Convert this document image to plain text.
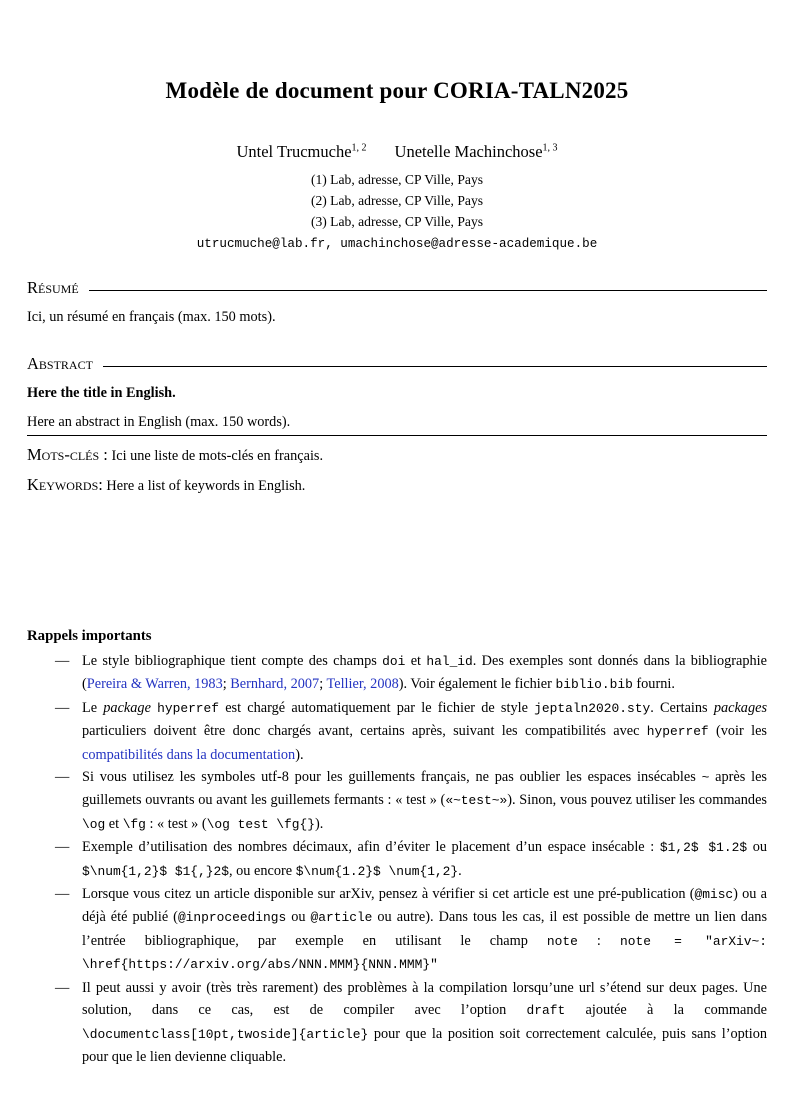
Modèle de document pour CORIA-TALN2025
Untel Trucmuche$^{1, 2}$ Unetelle Machinchose$^{1, 3}$
(1) Lab, adresse, CP Ville, Pays
(2) Lab, adresse, CP Ville, Pays
(3) Lab, adresse, CP Ville, Pays
utrucmuche@lab.fr, umachinchose@adresse-academique.be
Résumé

Ici, un résumé en français (max. 150 mots).

Abstract

Here the title in English.

Here an abstract in English (max. 150 words).

Mots-clés : Ici une liste de mots-clés en français.

Keywords: Here a list of keywords in English.

Rappels importants
— Le style bibliographique tient compte des champs doi et hal_id. Des exemples sont donnés dans la bibliographie (Pereira & Warren, 1983; Bernhard, 2007; Tellier, 2008). Voir également le fichier biblio.bib fourni.
— Le package hyperref est chargé automatiquement par le fichier de style jeptaln2020.sty. Certains packages particuliers doivent être donc chargés avant, certains après, suivant les compatibilités avec hyperref (voir les compatibilités dans la documentation).
— Si vous utilisez les symboles utf-8 pour les guillements français, ne pas oublier les espaces insécables ~ après les guillemets ouvrants ou avant les guillemets fermants : « test » («~test~»). Sinon, vous pouvez utiliser les commandes \og et \fg : « test » (\og test \fg{}).
— Exemple d’utilisation des nombres décimaux, afin d’éviter le placement d’un espace insécable : $1,2$ $1.2$ ou $\num{1,2}$ $1{,}2$, ou encore $\num{1.2}$ \num{1,2}.
— Lorsque vous citez un article disponible sur arXiv, pensez à vérifier si cet article est une pré-publication (@misc) ou a déjà été publié (@inproceedings ou @article ou autre). Dans tous les cas, il est possible de mettre un lien dans l’entrée bibliographique, par exemple en utilisant le champ note : note = "arXiv~: \href{https://arxiv.org/abs/NNN.MMM}{NNN.MMM}"
— Il peut aussi y avoir (très très rarement) des problèmes à la compilation lorsqu’une url s’étend sur deux pages. Une solution, dans ce cas, est de compiler avec l’option draft ajoutée à la commande \documentclass[10pt,twoside]{article} pour que la position soit correctement calculée, puis sans l’option pour que le lien devienne cliquable.
